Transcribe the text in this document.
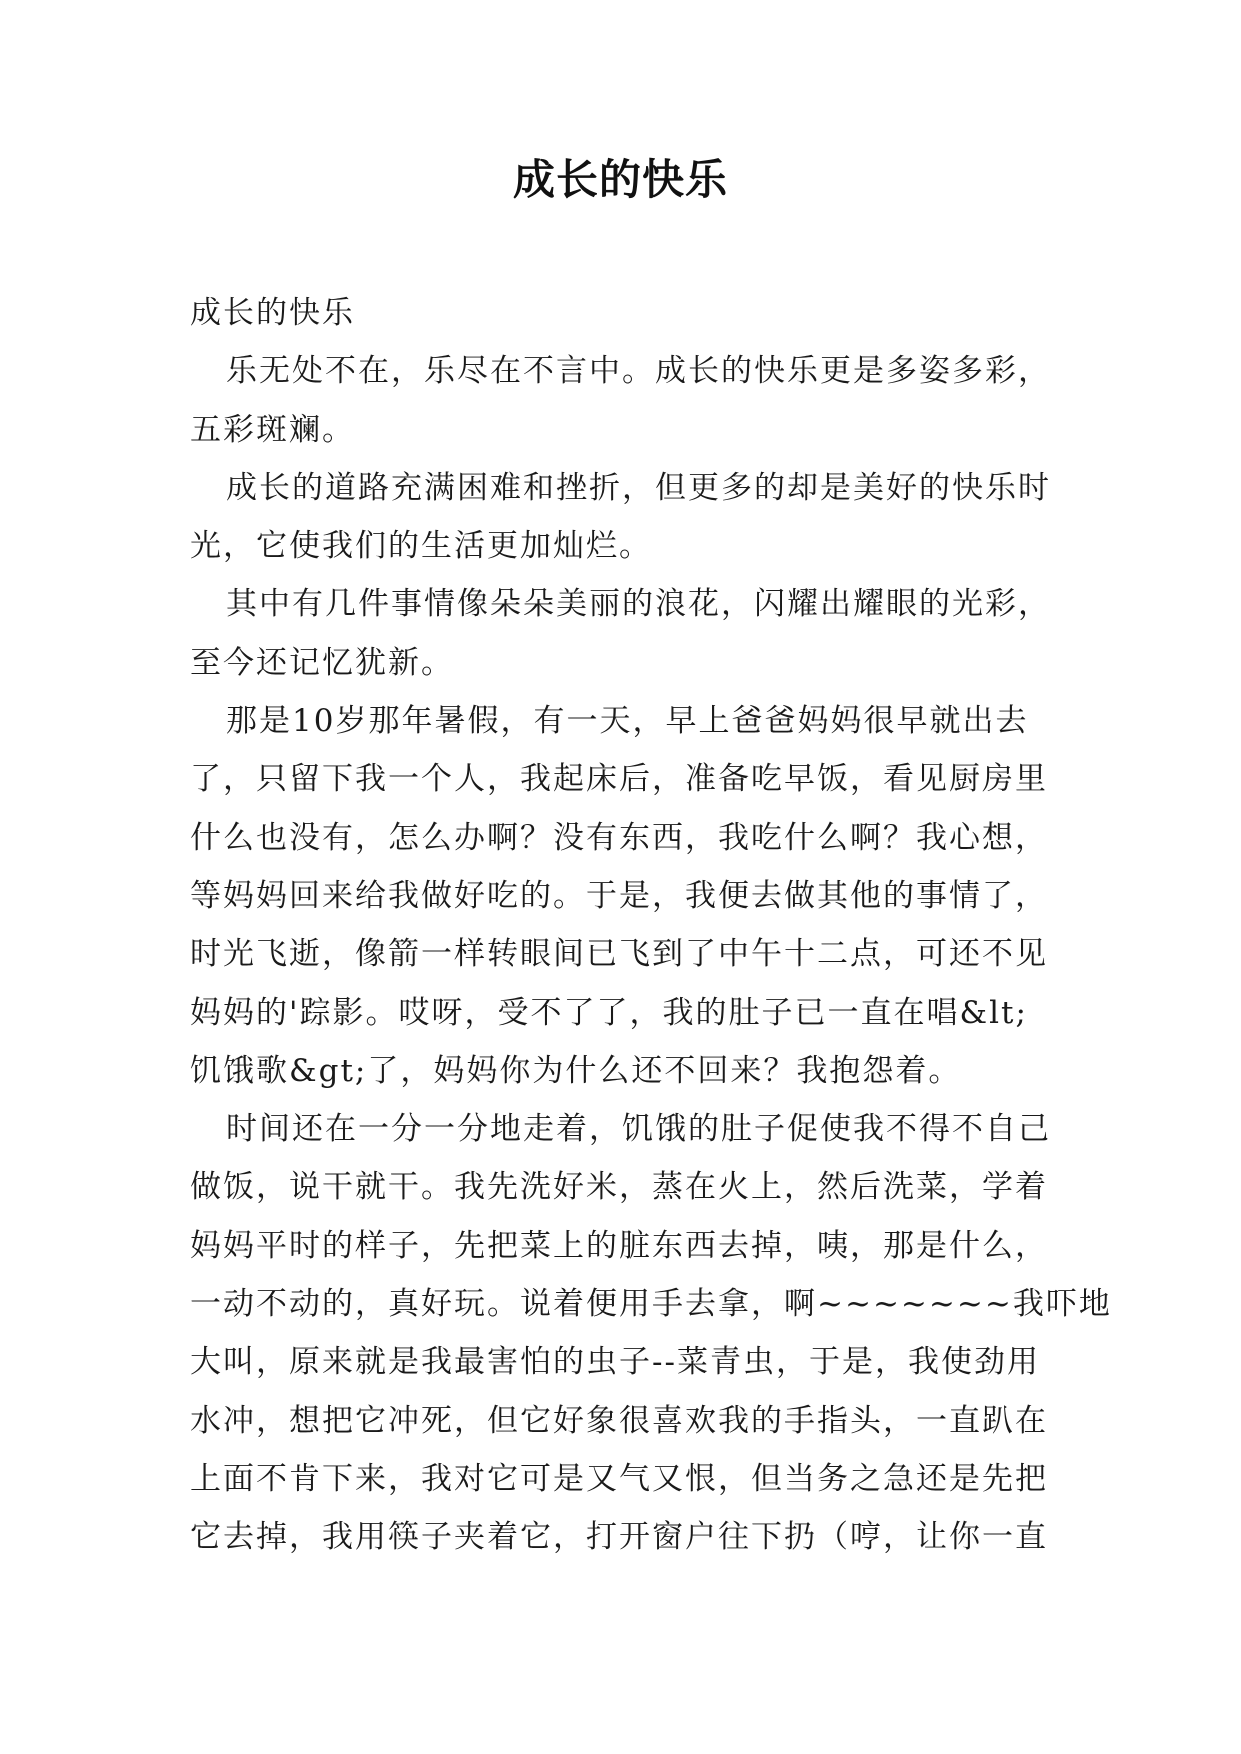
成长的快乐
成长的快乐
乐无处不在，乐尽在不言中。成长的快乐更是多姿多彩，
五彩斑斓。
成长的道路充满困难和挫折，但更多的却是美好的快乐时
光，它使我们的生活更加灿烂。
其中有几件事情像朵朵美丽的浪花，闪耀出耀眼的光彩，
至今还记忆犹新。
那是10岁那年暑假，有一天，早上爸爸妈妈很早就出去
了，只留下我一个人，我起床后，准备吃早饭，看见厨房里
什么也没有，怎么办啊？没有东西，我吃什么啊？我心想，
等妈妈回来给我做好吃的。于是，我便去做其他的事情了，
时光飞逝，像箭一样转眼间已飞到了中午十二点，可还不见
妈妈的'踪影。哎呀，受不了了，我的肚子已一直在唱&lt;
饥饿歌&gt;了，妈妈你为什么还不回来？我抱怨着。
时间还在一分一分地走着，饥饿的肚子促使我不得不自己
做饭，说干就干。我先洗好米，蒸在火上，然后洗菜，学着
妈妈平时的样子，先把菜上的脏东西去掉，咦，那是什么，
一动不动的，真好玩。说着便用手去拿，啊~~~~~~~我吓地
大叫，原来就是我最害怕的虫子--菜青虫，于是，我使劲用
水冲，想把它冲死，但它好象很喜欢我的手指头，一直趴在
上面不肯下来，我对它可是又气又恨，但当务之急还是先把
它去掉，我用筷子夹着它，打开窗户往下扔（哼，让你一直
